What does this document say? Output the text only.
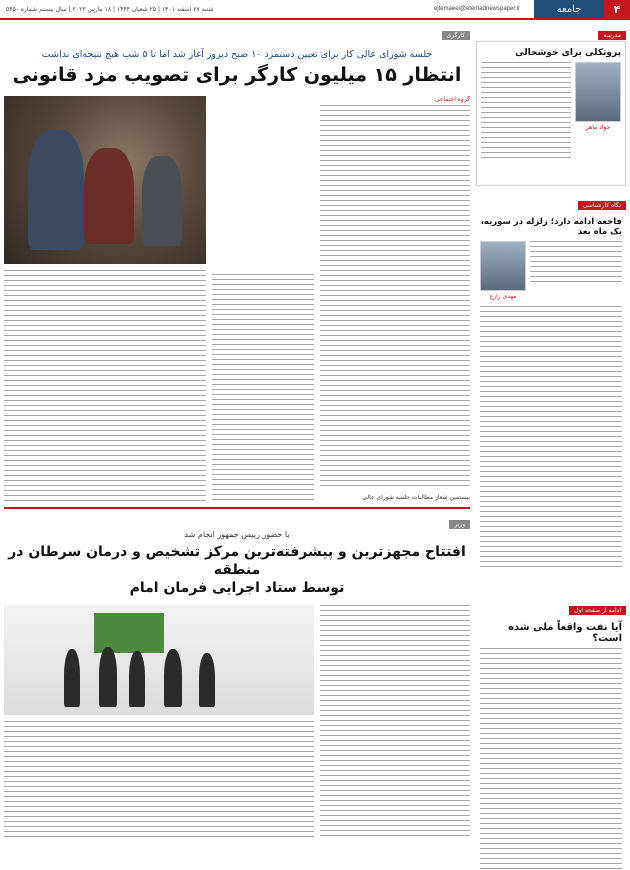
۴
جامعه
ejtemaeei@etemadnewspaper.ir
شنبه ۲۷ اسفند ۱۴۰۱ | ۲۵ شعبان ۱۴۴۴ | ۱۸ مارس ۲۰۲۳ | سال بیستم شماره ۵۴۵۰
مدرسه
پروتکلی برای خوشحالی
جواد ماهر
نگاه کارشناسی
فاجعه ادامه دارد؛ زلزله در سوریه، یک ماه بعد
مهدی زارع
ادامه از صفحه اول
آیا نفت واقعاً ملی شده است؟
کارگری
جلسه شورای عالی کار برای تعیین دستمزد ۱۰ صبح دیروز آغاز شد اما تا ۵ شب هیچ نتیجه‌ای نداشت
انتظار ۱۵ میلیون کارگر برای تصویب مزد قانونی
گروه اجتماعی
بیستمین شعار مطالبات جلسه شورای عالی
وزیر
با حضور رییس جمهور انجام شد
افتتاح مجهزترین و پیشرفته‌ترین مرکز تشخیص و درمان سرطان در منطقه
توسط ستاد اجرایی فرمان امام
